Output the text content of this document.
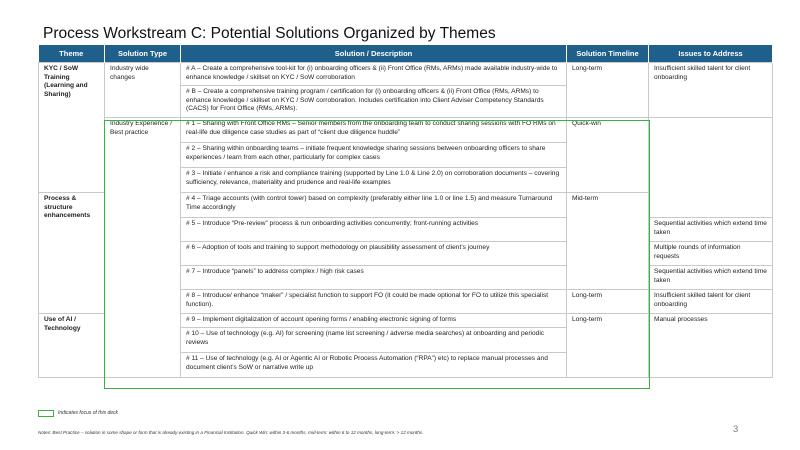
Process Workstream C: Potential Solutions Organized by Themes
Theme	Solution Type	Solution / Description	Solution Timeline	Issues to Address
KYC / SoW Training (Learning and Sharing)	Industry wide changes	# A – Create a comprehensive tool-kit for (i) onboarding officers & (ii) Front Office (RMs, ARMs) made available industry-wide to enhance knowledge / skillset on KYC / SoW corroboration	Long-term	Insufficient skilled talent for client onboarding
		# B – Create a comprehensive training program / certification for (i) onboarding officers & (ii) Front Office (RMs, ARMs) to enhance knowledge / skillset on KYC / SoW corroboration. Includes certification into Client Adviser Competency Standards (CACS) for Front Office (RMs, ARMs).		
	Industry Experience / Best practice	# 1 – Sharing with Front Office RMs – Senior members from the onboarding team to conduct sharing sessions with FO RMs on real-life due diligence case studies as part of “client due diligence huddle”	Quick-win	
		# 2 – Sharing within onboarding teams – initiate frequent knowledge sharing sessions between onboarding officers to share experiences / learn from each other, particularly for complex cases		
		# 3 – Initiate / enhance a risk and compliance training (supported by Line 1.0 & Line 2.0) on corroboration documents – covering sufficiency, relevance, materiality and prudence and real-life examples		
Process & structure enhancements		# 4 – Triage accounts (with control tower) based on complexity (preferably either line 1.0 or line 1.5) and measure Turnaround Time accordingly	Mid-term	
		# 5 – Introduce “Pre-review” process & run onboarding activities concurrently; front-running activities		Sequential activities which extend time taken
		# 6 – Adoption of tools and training to support methodology on plausibility assessment of client’s journey		Multiple rounds of information requests
		# 7 – Introduce “panels” to address complex / high risk cases		Sequential activities which extend time taken
		# 8 – Introduce/ enhance “maker” / specialist function to support FO (it could be made optional for FO to utilize this specialist function).	Long-term	Insufficient skilled talent for client onboarding
Use of AI / Technology		# 9 – Implement digitalization of account opening forms / enabling electronic signing of forms	Long-term	Manual processes
		# 10 – Use of technology (e.g. AI) for screening (name list screening / adverse media searches) at onboarding and periodic reviews		
		# 11 – Use of technology (e.g. AI or Agentic AI or Robotic Process Automation (“RPA”) etc) to replace manual processes and document client’s SoW or narrative write up		
Indicates focus of this deck
Notes: Best Practice – solution in some shape or form that is already existing in a Financial Institution. Quick Win: within 3-6 months, mid-term: within 6 to 12 months, long-term: > 12 months.	3
